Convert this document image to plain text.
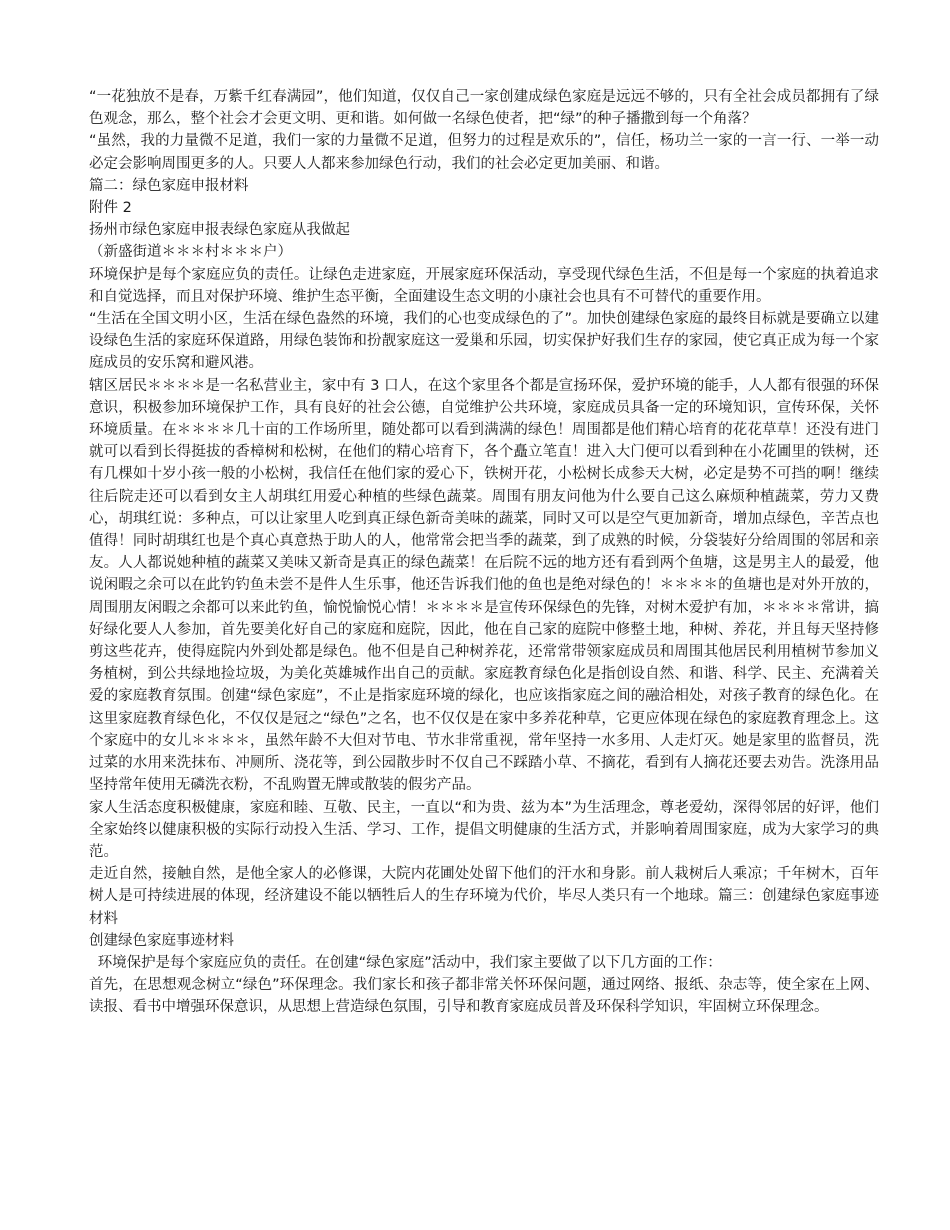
“一花独放不是春，万紫千红春满园”，他们知道，仅仅自己一家创建成绿色家庭是远远不够的，只有全社会成员都拥有了绿色观念，那么，整个社会才会更文明、更和谐。如何做一名绿色使者，把“绿”的种子播撒到每一个角落？

“虽然，我的力量微不足道，我们一家的力量微不足道，但努力的过程是欢乐的”，信任，杨功兰一家的一言一行、一举一动必定会影响周围更多的人。只要人人都来参加绿色行动，我们的社会必定更加美丽、和谐。

篇二：绿色家庭申报材料

附件 2

扬州市绿色家庭申报表绿色家庭从我做起

（新盛街道＊＊＊村＊＊＊户）

环境保护是每个家庭应负的责任。让绿色走进家庭，开展家庭环保活动，享受现代绿色生活，不但是每一个家庭的执着追求和自觉选择，而且对保护环境、维护生态平衡，全面建设生态文明的小康社会也具有不可替代的重要作用。

“生活在全国文明小区，生活在绿色盎然的环境，我们的心也变成绿色的了”。加快创建绿色家庭的最终目标就是要确立以建设绿色生活的家庭环保道路，用绿色装饰和扮靓家庭这一爱巢和乐园，切实保护好我们生存的家园，使它真正成为每一个家庭成员的安乐窝和避风港。

辖区居民＊＊＊＊是一名私营业主，家中有 3 口人，在这个家里各个都是宣扬环保，爱护环境的能手，人人都有很强的环保意识，积极参加环境保护工作，具有良好的社会公德，自觉维护公共环境，家庭成员具备一定的环境知识，宣传环保，关怀环境质量。在＊＊＊＊几十亩的工作场所里，随处都可以看到满满的绿色！周围都是他们精心培育的花花草草！还没有进门就可以看到长得挺拔的香樟树和松树，在他们的精心培育下，各个矗立笔直！进入大门便可以看到种在小花圃里的铁树，还有几棵如十岁小孩一般的小松树，我信任在他们家的爱心下，铁树开花，小松树长成参天大树，必定是势不可挡的啊！继续往后院走还可以看到女主人胡琪红用爱心种植的些绿色蔬菜。周围有朋友问他为什么要自己这么麻烦种植蔬菜，劳力又费心，胡琪红说：多种点，可以让家里人吃到真正绿色新奇美味的蔬菜，同时又可以是空气更加新奇，增加点绿色，辛苦点也值得！同时胡琪红也是个真心真意热于助人的人，他常常会把当季的蔬菜，到了成熟的时候，分袋装好分给周围的邻居和亲友。人人都说她种植的蔬菜又美味又新奇是真正的绿色蔬菜！在后院不远的地方还有看到两个鱼塘，这是男主人的最爱，他说闲暇之余可以在此钓钓鱼未尝不是件人生乐事，他还告诉我们他的鱼也是绝对绿色的！＊＊＊＊的鱼塘也是对外开放的，周围朋友闲暇之余都可以来此钓鱼，愉悦愉悦心情！＊＊＊＊是宣传环保绿色的先锋，对树木爱护有加，＊＊＊＊常讲，搞好绿化要人人参加，首先要美化好自己的家庭和庭院，因此，他在自己家的庭院中修整土地，种树、养花，并且每天坚持修剪这些花卉，使得庭院内外到处都是绿色。他不但是自己种树养花，还常常带领家庭成员和周围其他居民利用植树节参加义务植树，到公共绿地捡垃圾，为美化英雄城作出自己的贡献。家庭教育绿色化是指创设自然、和谐、科学、民主、充满着关爱的家庭教育氛围。创建“绿色家庭”，不止是指家庭环境的绿化，也应该指家庭之间的融洽相处，对孩子教育的绿色化。在这里家庭教育绿色化，不仅仅是冠之“绿色”之名，也不仅仅是在家中多养花种草，它更应体现在绿色的家庭教育理念上。这个家庭中的女儿＊＊＊＊，虽然年龄不大但对节电、节水非常重视，常年坚持一水多用、人走灯灭。她是家里的监督员，洗过菜的水用来洗抹布、冲厕所、浇花等，到公园散步时不仅自己不踩踏小草、不摘花，看到有人摘花还要去劝告。洗涤用品坚持常年使用无磷洗衣粉，不乱购置无牌或散装的假劣产品。

家人生活态度积极健康，家庭和睦、互敬、民主，一直以“和为贵、兹为本”为生活理念，尊老爱幼，深得邻居的好评，他们全家始终以健康积极的实际行动投入生活、学习、工作，提倡文明健康的生活方式，并影响着周围家庭，成为大家学习的典范。

走近自然，接触自然，是他全家人的必修课，大院内花圃处处留下他们的汗水和身影。前人栽树后人乘凉；千年树木，百年树人是可持续进展的体现，经济建设不能以牺牲后人的生存环境为代价，毕尽人类只有一个地球。篇三：创建绿色家庭事迹材料

创建绿色家庭事迹材料

环境保护是每个家庭应负的责任。在创建“绿色家庭”活动中，我们家主要做了以下几方面的工作：

首先，在思想观念树立“绿色”环保理念。我们家长和孩子都非常关怀环保问题，通过网络、报纸、杂志等，使全家在上网、读报、看书中增强环保意识，从思想上营造绿色氛围，引导和教育家庭成员普及环保科学知识，牢固树立环保理念。
